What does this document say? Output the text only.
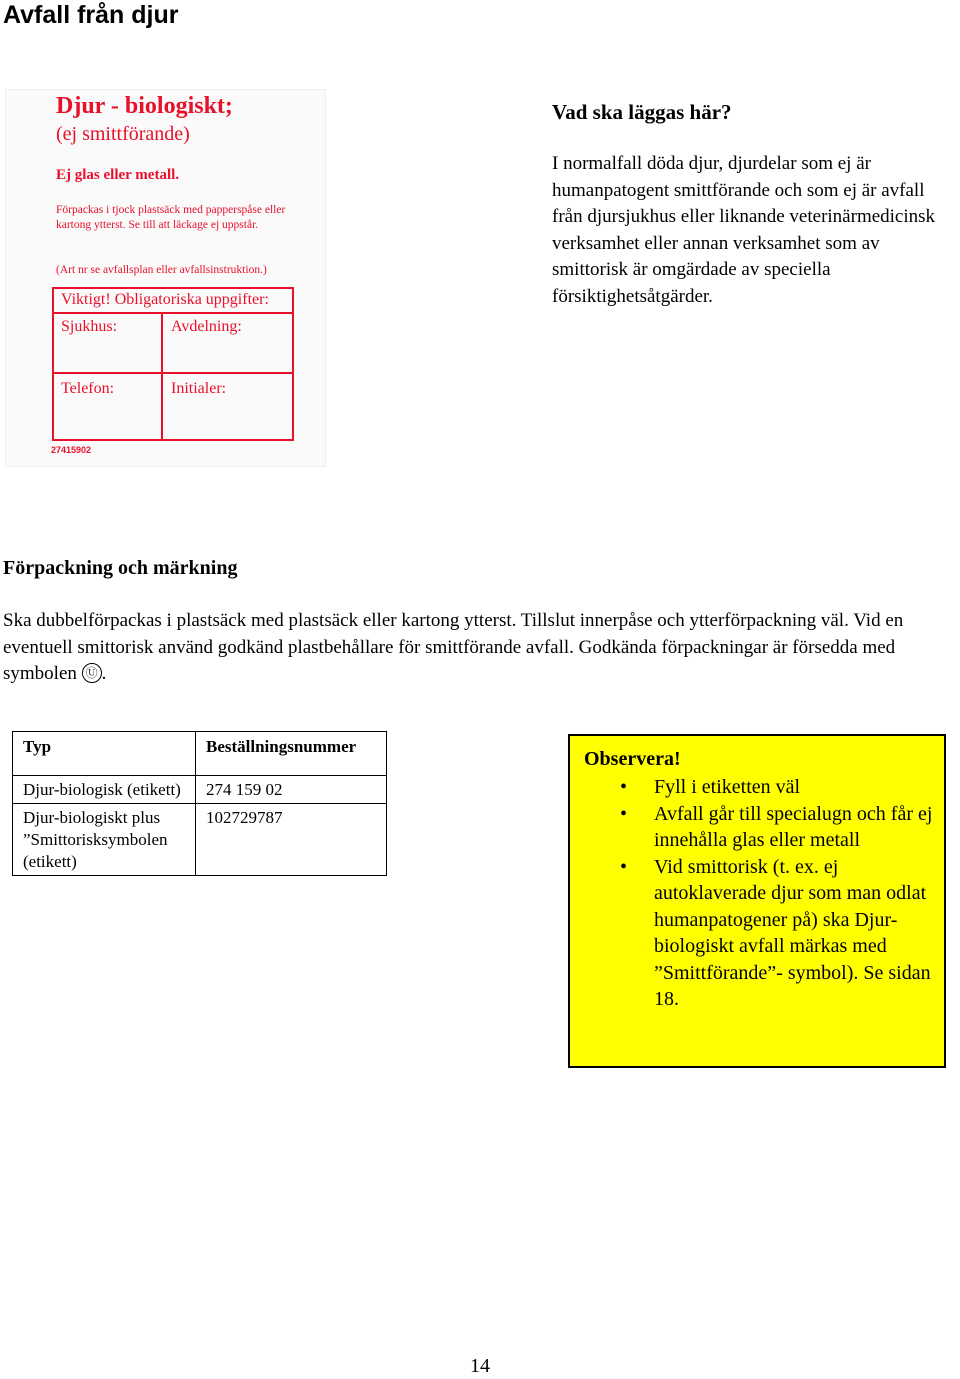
Avfall från djur
Djur - biologiskt;
(ej smittförande)
Ej glas eller metall.
Förpackas i tjock plastsäck med papperspåse eller kartong ytterst. Se till att läckage ej uppstår.
(Art nr se avfallsplan eller avfallsinstruktion.)
Viktigt! Obligatoriska uppgifter:
Sjukhus:	Avdelning:
Telefon:	Initialer:
27415902
Vad ska läggas här?

I normalfall döda djur, djurdelar som ej är humanpatogent smittförande och som ej är avfall från djursjukhus eller liknande veterinärmedicinsk verksamhet eller annan verksamhet som av smittorisk är omgärdade av speciella försiktighetsåtgärder.

Förpackning och märkning

Ska dubbelförpackas i plastsäck med plastsäck eller kartong ytterst. Tillslut innerpåse och ytterförpackning väl. Vid en eventuell smittorisk använd godkänd plastbehållare för smittförande avfall. Godkända förpackningar är försedda med symbolen Ⓤ .

Typ	Beställningsnummer
Djur-biologisk (etikett)	274 159 02
Djur-biologiskt plus ”Smittorisksymbolen (etikett)	102729787
Observera!
• Fyll i etiketten väl
• Avfall går till specialugn och får ej innehålla glas eller metall
• Vid smittorisk (t. ex. ej autoklaverade djur som man odlat humanpatogener på) ska Djur-biologiskt avfall märkas med ”Smittförande”- symbol). Se sidan 18.
14
